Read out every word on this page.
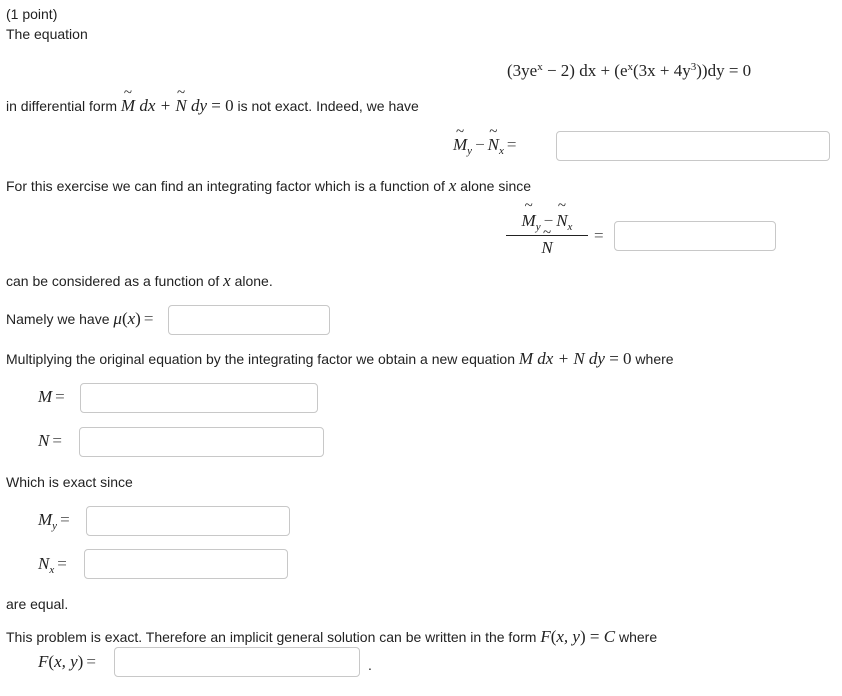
(1 point)
The equation
$(3ye^x - 2)$ dx + $(e^x(3x + 4y^3))dy = 0$
in differential form ~ M dx + ~ N dy = 0 is not exact. Indeed, we have
~ $M_y$ − ~ $N_x$ =
For this exercise we can find an integrating factor which is a function of x alone since
~ $M_y$ − ~ $N_x$
~ N
=
can be considered as a function of x alone.
Namely we have μ(x) =
Multiplying the original equation by the integrating factor we obtain a new equation M dx + N dy = 0 where
M =
N =
Which is exact since
$M_y$ =
$N_x$ =
are equal.
This problem is exact. Therefore an implicit general solution can be written in the form F(x, y) = C where
F(x, y) =	.
